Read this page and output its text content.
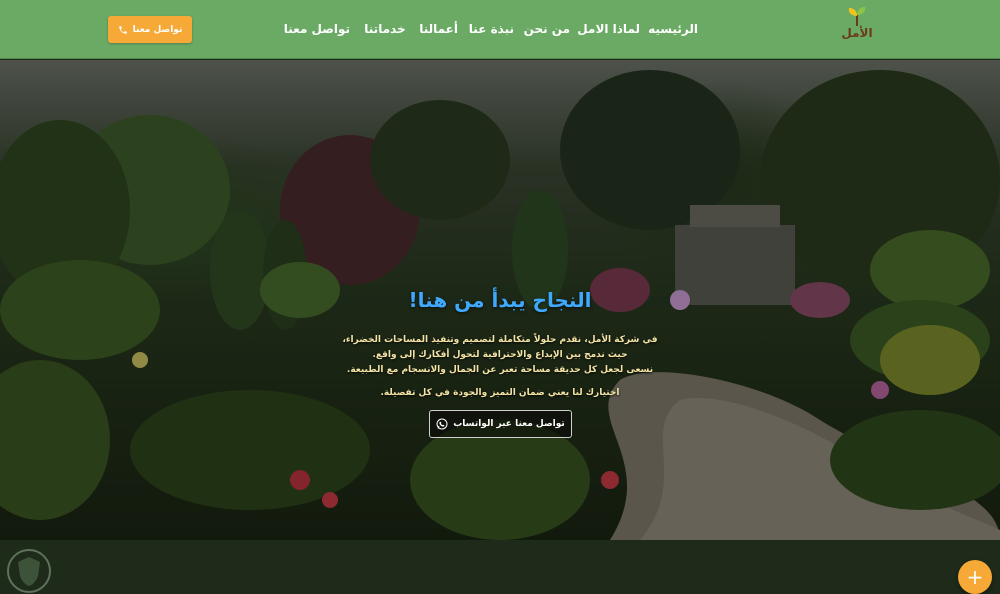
الأمل
الرئيسيه
لماذا الامل
من نحن
نبذة عنا
أعمالنا
خدماتنا
تواصل معنا
تواصل معنا
النجاح يبدأ من هنا!

في شركة الأمل، نقدم حلولاً متكاملة لتصميم وتنفيذ المساحات الخضراء،

حيث ندمج بين الإبداع والاحترافية لتحول أفكارك إلى واقع.

نسعى لجعل كل حديقة مساحة تعبر عن الجمال والانسجام مع الطبيعة.

اختيارك لنا يعني ضمان التميز والجودة في كل تفصيلة.

تواصل معنا عبر الواتساب
+
